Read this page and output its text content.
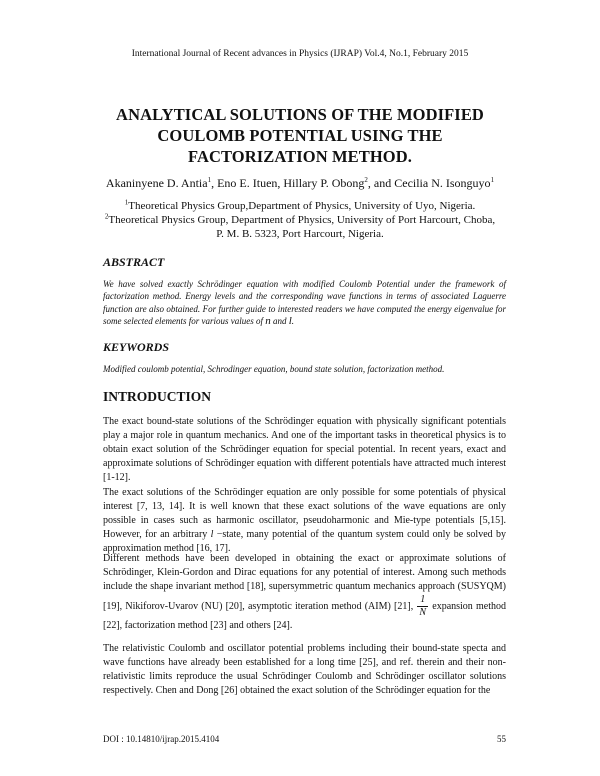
International Journal of Recent advances in Physics (IJRAP) Vol.4, No.1, February 2015
ANALYTICAL SOLUTIONS OF THE MODIFIED
COULOMB POTENTIAL USING THE
FACTORIZATION METHOD.
Akaninyene D. Antia$^1$, Eno E. Ituen, Hillary P. Obong$^2$, and Cecilia N. Isonguyo$^1$
$^1$Theoretical Physics Group,Department of Physics, University of Uyo, Nigeria.
$^2$Theoretical Physics Group, Department of Physics, University of Port Harcourt, Choba,
P. M. B. 5323, Port Harcourt, Nigeria.
ABSTRACT
We have solved exactly Schrödinger equation with modified Coulomb Potential under the framework of factorization method. Energy levels and the corresponding wave functions in terms of associated Laguerre function are also obtained. For further guide to interested readers we have computed the energy eigenvalue for some selected elements for various values of n and l.
KEYWORDS
Modified coulomb potential, Schrodinger equation, bound state solution, factorization method.
INTRODUCTION
The exact bound-state solutions of the Schrödinger equation with physically significant potentials play a major role in quantum mechanics. And one of the important tasks in theoretical physics is to obtain exact solution of the Schrödinger equation for special potential. In recent years, exact and approximate solutions of Schrödinger equation with different potentials have attracted much interest [1-12].
The exact solutions of the Schrödinger equation are only possible for some potentials of physical interest [7, 13, 14]. It is well known that these exact solutions of the wave equations are only possible in cases such as harmonic oscillator, pseudoharmonic and Mie-type potentials [5,15]. However, for an arbitrary l −state, many potential of the quantum system could only be solved by approximation method [16, 17].
Different methods have been developed in obtaining the exact or approximate solutions of Schrödinger, Klein-Gordon and Dirac equations for any potential of interest. Among such methods include the shape invariant method [18], supersymmetric quantum mechanics approach (SUSYQM) [19], Nikiforov-Uvarov (NU) [20], asymptotic iteration method (AIM) [21], $\frac{1}{N}$ expansion method [22], factorization method [23] and others [24].
The relativistic Coulomb and oscillator potential problems including their bound-state specta and wave functions have already been established for a long time [25], and ref. therein and their non-relativistic limits reproduce the usual Schrödinger Coulomb and Schrödinger oscillator solutions respectively. Chen and Dong [26] obtained the exact solution of the Schrödinger equation for the
DOI : 10.14810/ijrap.2015.4104	55
